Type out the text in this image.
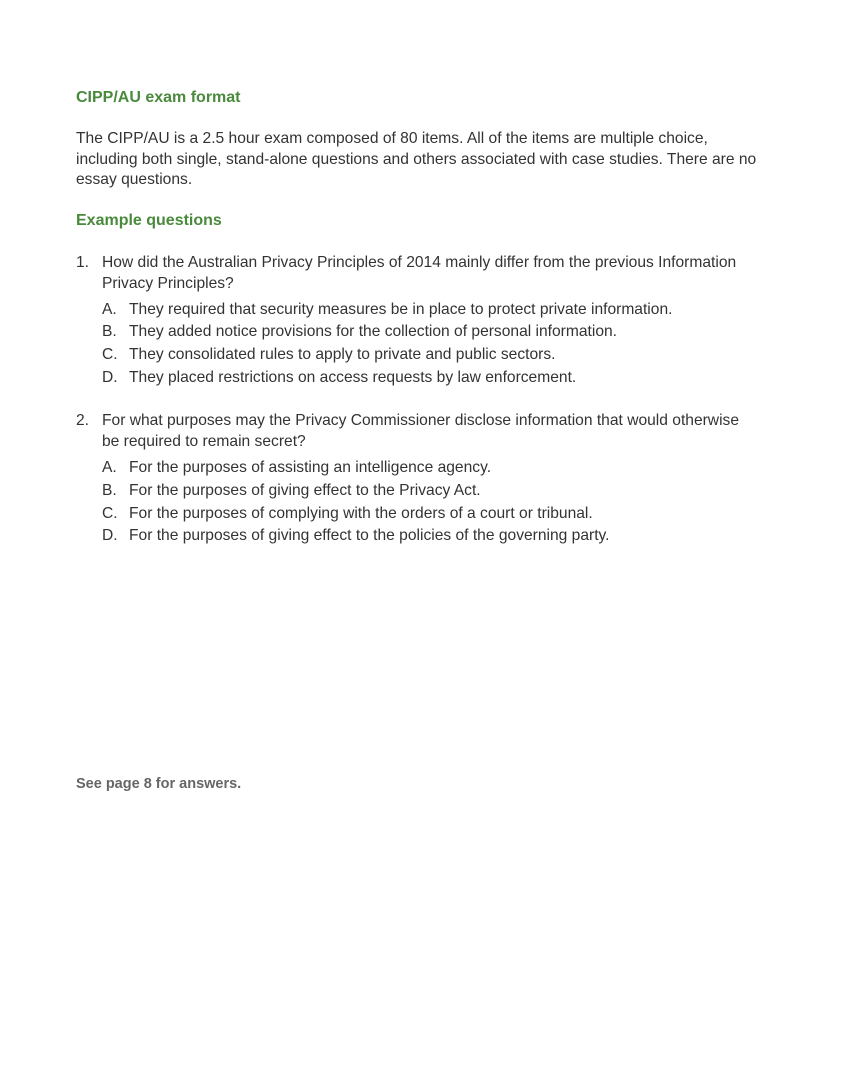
CIPP/AU exam format

The CIPP/AU is a 2.5 hour exam composed of 80 items. All of the items are multiple choice, including both single, stand-alone questions and others associated with case studies. There are no essay questions.

Example questions
1. How did the Australian Privacy Principles of 2014 mainly differ from the previous Information Privacy Principles?

A. They required that security measures be in place to protect private information.
B. They added notice provisions for the collection of personal information.
C. They consolidated rules to apply to private and public sectors.
D. They placed restrictions on access requests by law enforcement.
2. For what purposes may the Privacy Commissioner disclose information that would otherwise be required to remain secret?

A. For the purposes of assisting an intelligence agency.
B. For the purposes of giving effect to the Privacy Act.
C. For the purposes of complying with the orders of a court or tribunal.
D. For the purposes of giving effect to the policies of the governing party.

See page 8 for answers.
